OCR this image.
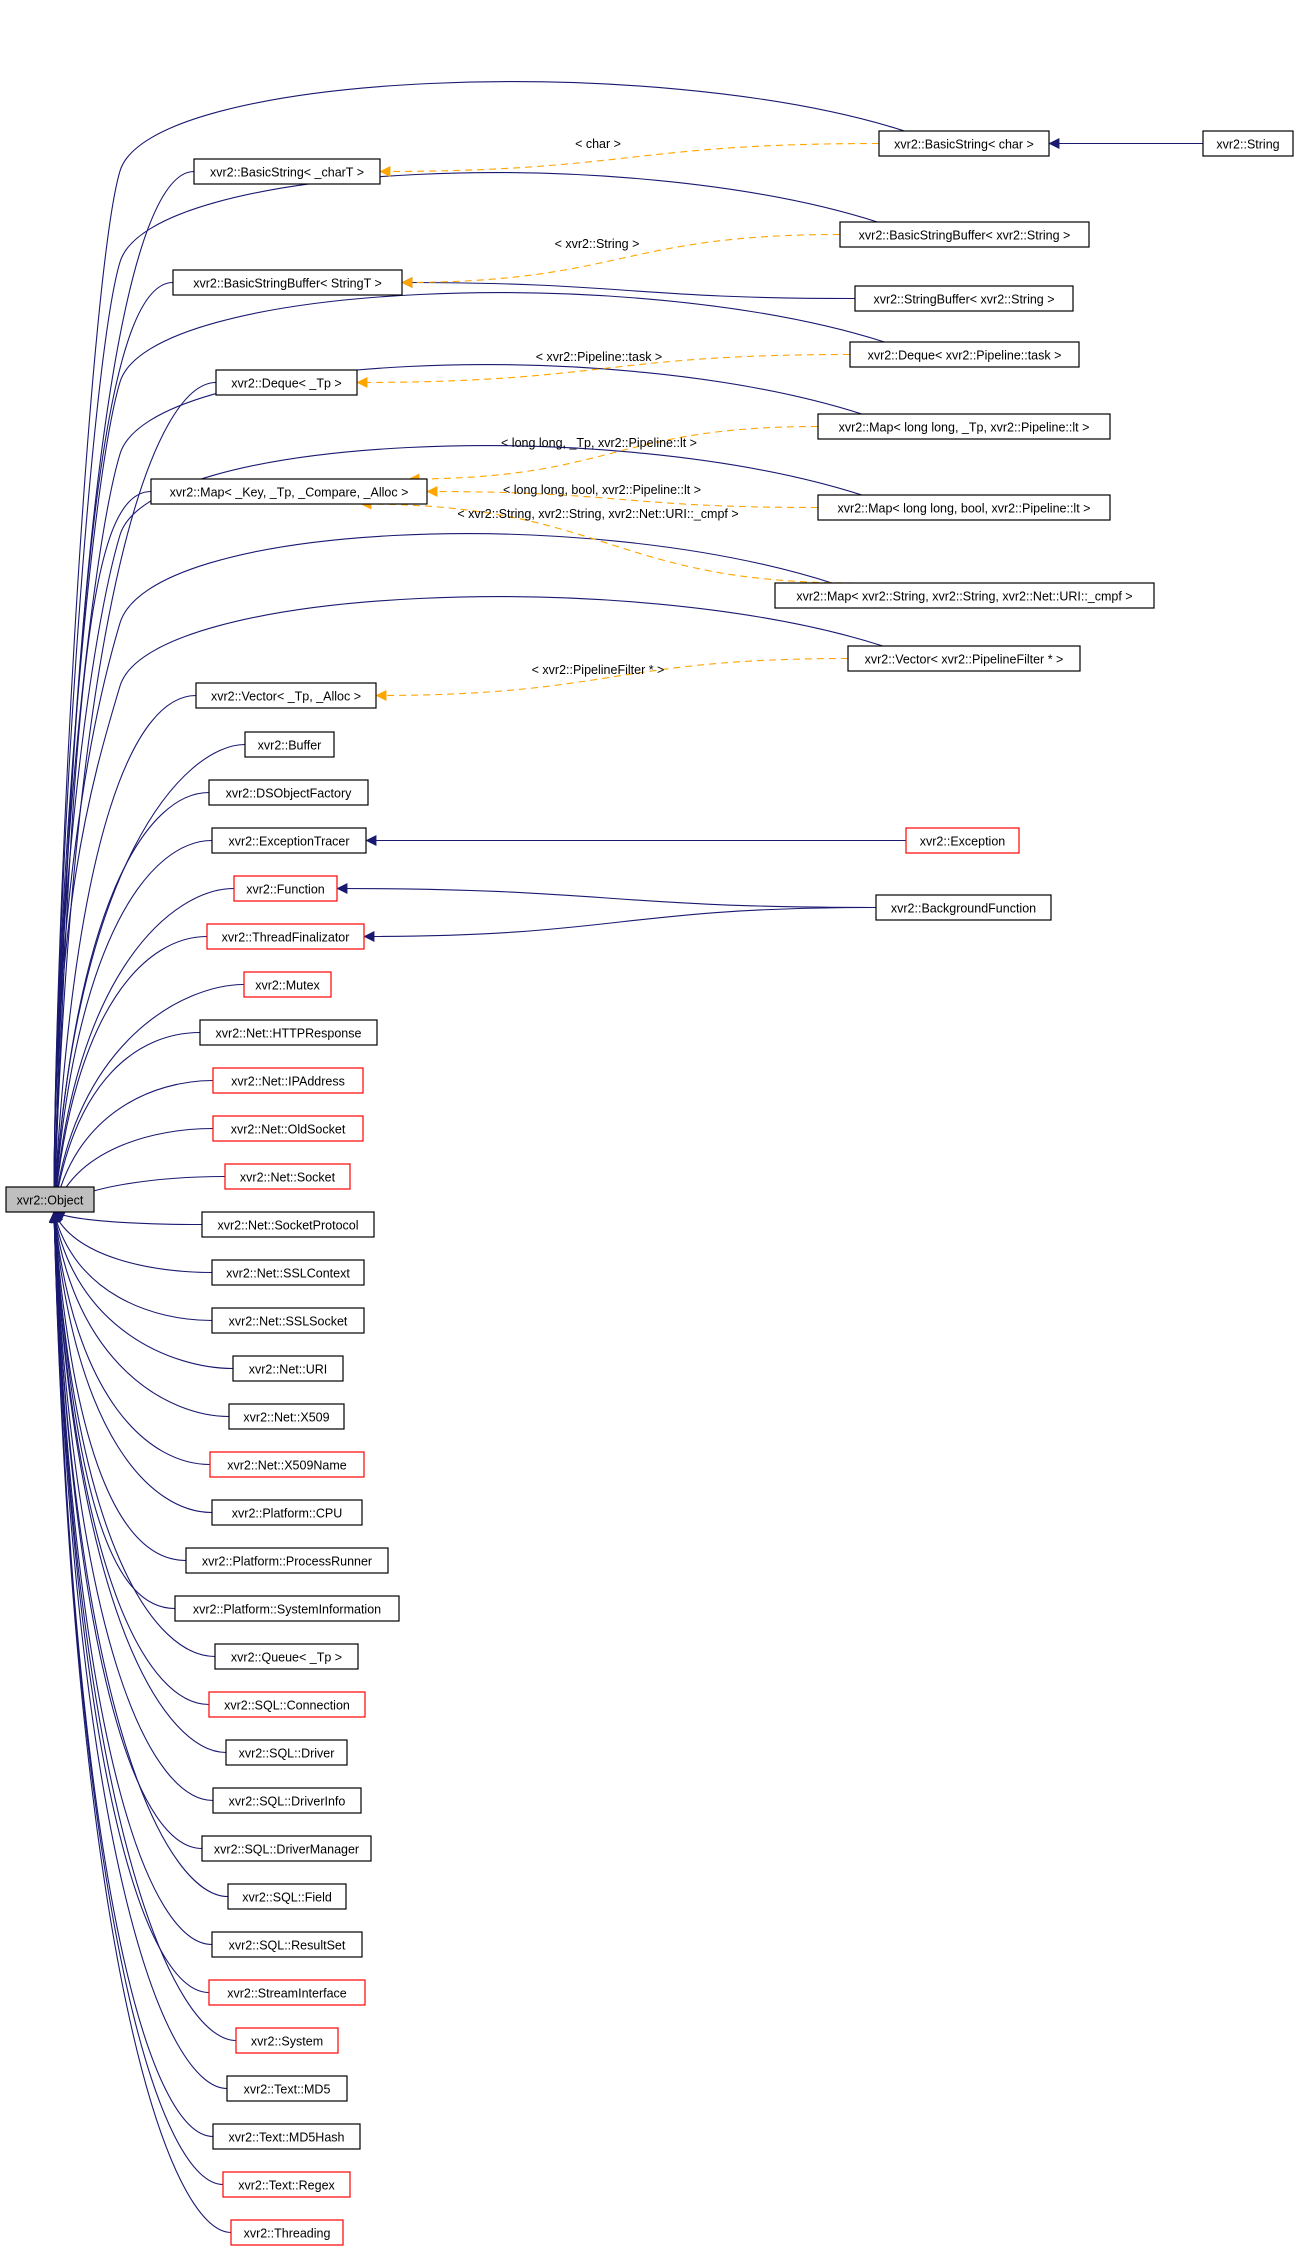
< char >
< xvr2::String >
< xvr2::Pipeline::task >
< long long, _Tp, xvr2::Pipeline::lt >
< long long, bool, xvr2::Pipeline::lt >
< xvr2::String, xvr2::String, xvr2::Net::URI::_cmpf >
< xvr2::PipelineFilter * >
xvr2::BasicString< _charT >
xvr2::BasicString< char >	xvr2::String
xvr2::BasicStringBuffer< xvr2::String >
xvr2::BasicStringBuffer< StringT >
xvr2::StringBuffer< xvr2::String >
xvr2::Deque< xvr2::Pipeline::task >
xvr2::Deque< _Tp >
xvr2::Map< long long, _Tp, xvr2::Pipeline::lt >
xvr2::Map< _Key, _Tp, _Compare, _Alloc >
xvr2::Map< long long, bool, xvr2::Pipeline::lt >
xvr2::Map< xvr2::String, xvr2::String, xvr2::Net::URI::_cmpf >
xvr2::Vector< xvr2::PipelineFilter * >
xvr2::Vector< _Tp, _Alloc >
xvr2::Buffer
xvr2::DSObjectFactory
xvr2::ExceptionTracer	xvr2::Exception
xvr2::Function
xvr2::BackgroundFunction
xvr2::ThreadFinalizator
xvr2::Mutex
xvr2::Net::HTTPResponse
xvr2::Net::IPAddress
xvr2::Net::OldSocket
xvr2::Net::Socket
xvr2::Net::SocketProtocol
xvr2::Net::SSLContext
xvr2::Net::SSLSocket
xvr2::Net::URI
xvr2::Net::X509
xvr2::Net::X509Name
xvr2::Platform::CPU
xvr2::Platform::ProcessRunner
xvr2::Platform::SystemInformation
xvr2::Queue< _Tp >
xvr2::SQL::Connection
xvr2::SQL::Driver
xvr2::SQL::DriverInfo
xvr2::SQL::DriverManager
xvr2::SQL::Field
xvr2::SQL::ResultSet
xvr2::StreamInterface
xvr2::System
xvr2::Text::MD5
xvr2::Text::MD5Hash
xvr2::Text::Regex
xvr2::Threading
xvr2::Object
